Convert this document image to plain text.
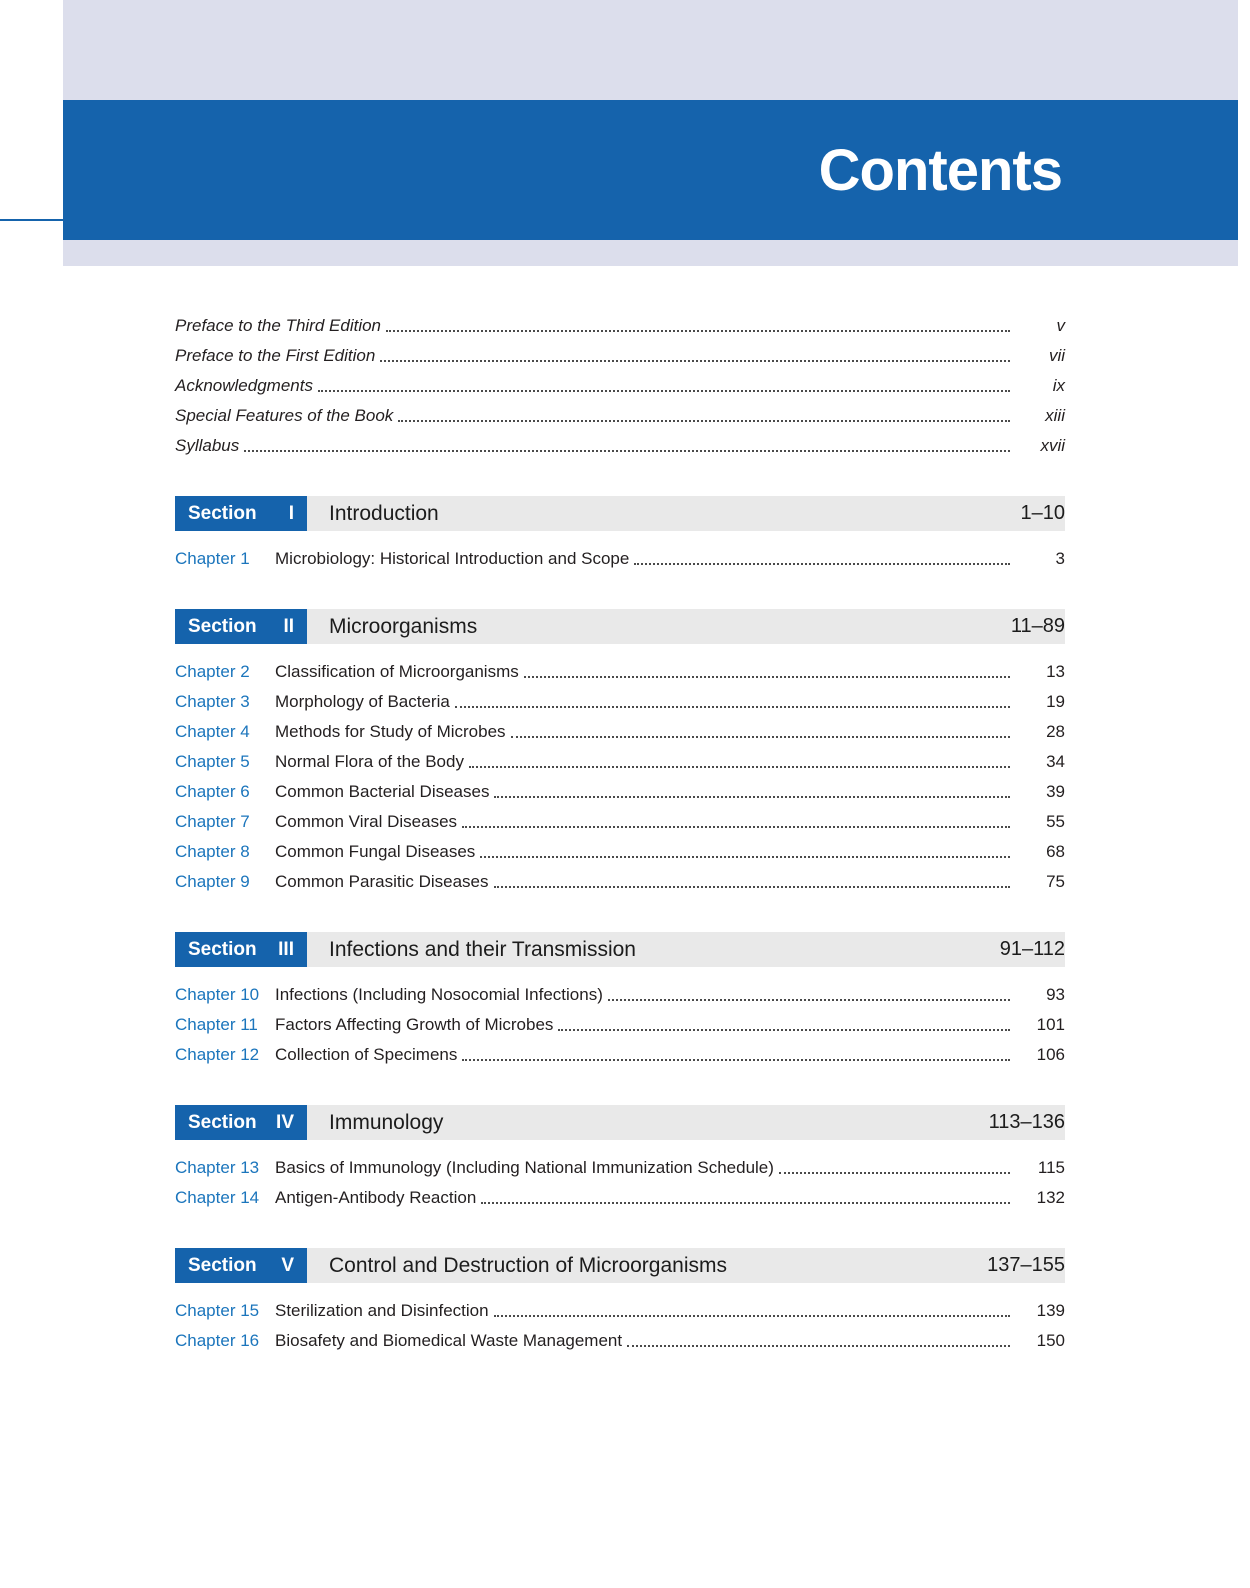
Contents
Preface to the Third Edition	v
Preface to the First Edition	vii
Acknowledgments	ix
Special Features of the Book	xiii
Syllabus	xvii
Section I Introduction	1–10
Chapter 1	Microbiology: Historical Introduction and Scope	3
Section II Microorganisms	11–89
Chapter 2	Classification of Microorganisms	13
Chapter 3	Morphology of Bacteria	19
Chapter 4	Methods for Study of Microbes	28
Chapter 5	Normal Flora of the Body	34
Chapter 6	Common Bacterial Diseases	39
Chapter 7	Common Viral Diseases	55
Chapter 8	Common Fungal Diseases	68
Chapter 9	Common Parasitic Diseases	75
Section III Infections and their Transmission	91–112
Chapter 10 Infections (Including Nosocomial Infections)	93
Chapter 11	Factors Affecting Growth of Microbes	101
Chapter 12 Collection of Specimens	106
Section IV Immunology	113–136
Chapter 13 Basics of Immunology (Including National Immunization Schedule)	115
Chapter 14 Antigen-Antibody Reaction	132
Section V Control and Destruction of Microorganisms	137–155
Chapter 15 Sterilization and Disinfection	139
Chapter 16 Biosafety and Biomedical Waste Management	150
